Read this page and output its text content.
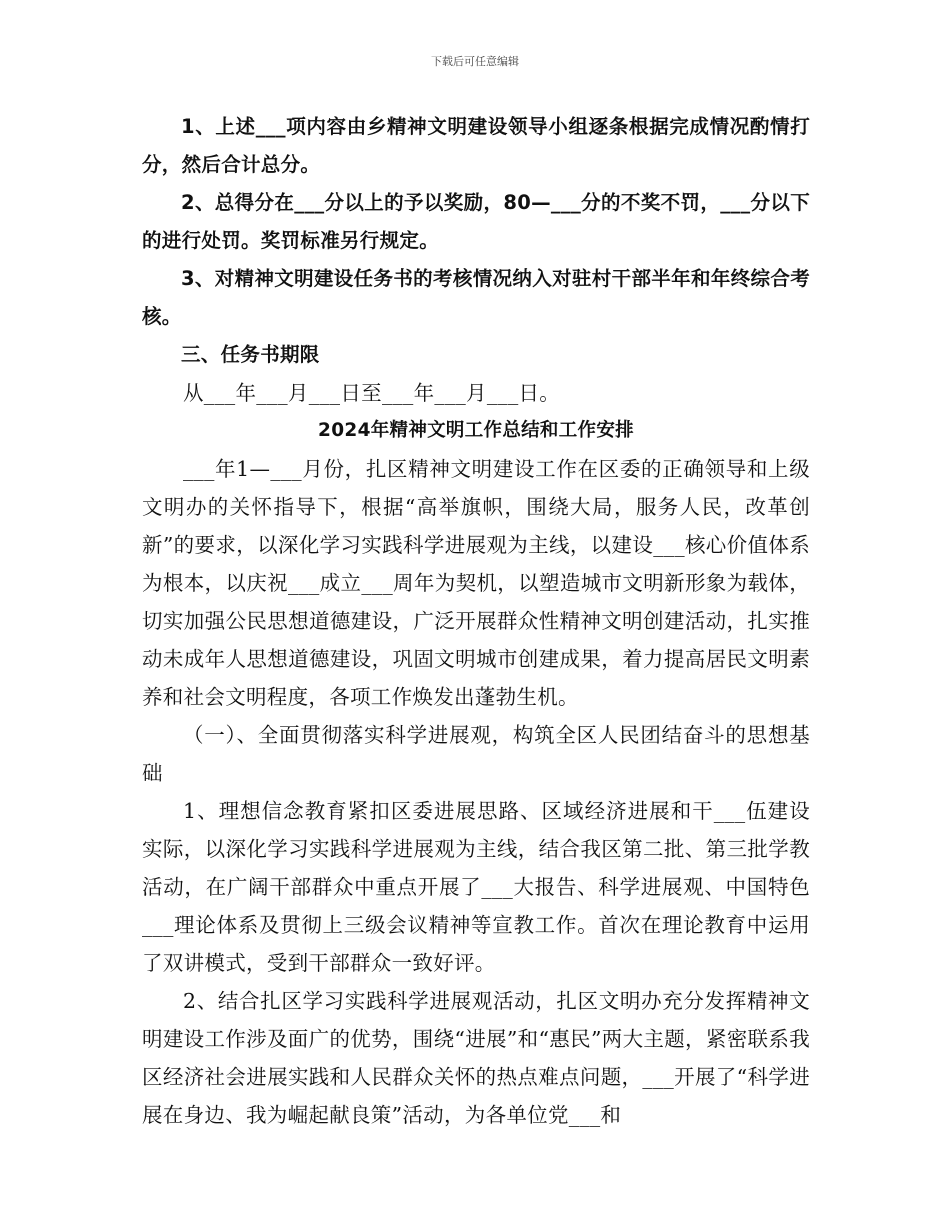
下载后可任意编辑

1、上述___项内容由乡精神文明建设领导小组逐条根据完成情况酌情打分，然后合计总分。

2、总得分在___分以上的予以奖励，80—___分的不奖不罚，___分以下的进行处罚。奖罚标准另行规定。

3、对精神文明建设任务书的考核情况纳入对驻村干部半年和年终综合考核。

三、任务书期限

从___年___月___日至___年___月___日。

2024年精神文明工作总结和工作安排

___年1—___月份，扎区精神文明建设工作在区委的正确领导和上级文明办的关怀指导下，根据“高举旗帜，围绕大局，服务人民，改革创新”的要求，以深化学习实践科学进展观为主线，以建设___核心价值体系为根本，以庆祝___成立___周年为契机，以塑造城市文明新形象为载体，切实加强公民思想道德建设，广泛开展群众性精神文明创建活动，扎实推动未成年人思想道德建设，巩固文明城市创建成果，着力提高居民文明素养和社会文明程度，各项工作焕发出蓬勃生机。

（一）、全面贯彻落实科学进展观，构筑全区人民团结奋斗的思想基础

1、理想信念教育紧扣区委进展思路、区域经济进展和干___伍建设实际，以深化学习实践科学进展观为主线，结合我区第二批、第三批学教活动，在广阔干部群众中重点开展了___大报告、科学进展观、中国特色___理论体系及贯彻上三级会议精神等宣教工作。首次在理论教育中运用了双讲模式，受到干部群众一致好评。

2、结合扎区学习实践科学进展观活动，扎区文明办充分发挥精神文明建设工作涉及面广的优势，围绕“进展”和“惠民”两大主题，紧密联系我区经济社会进展实践和人民群众关怀的热点难点问题，___开展了“科学进展在身边、我为崛起献良策”活动，为各单位党___和
